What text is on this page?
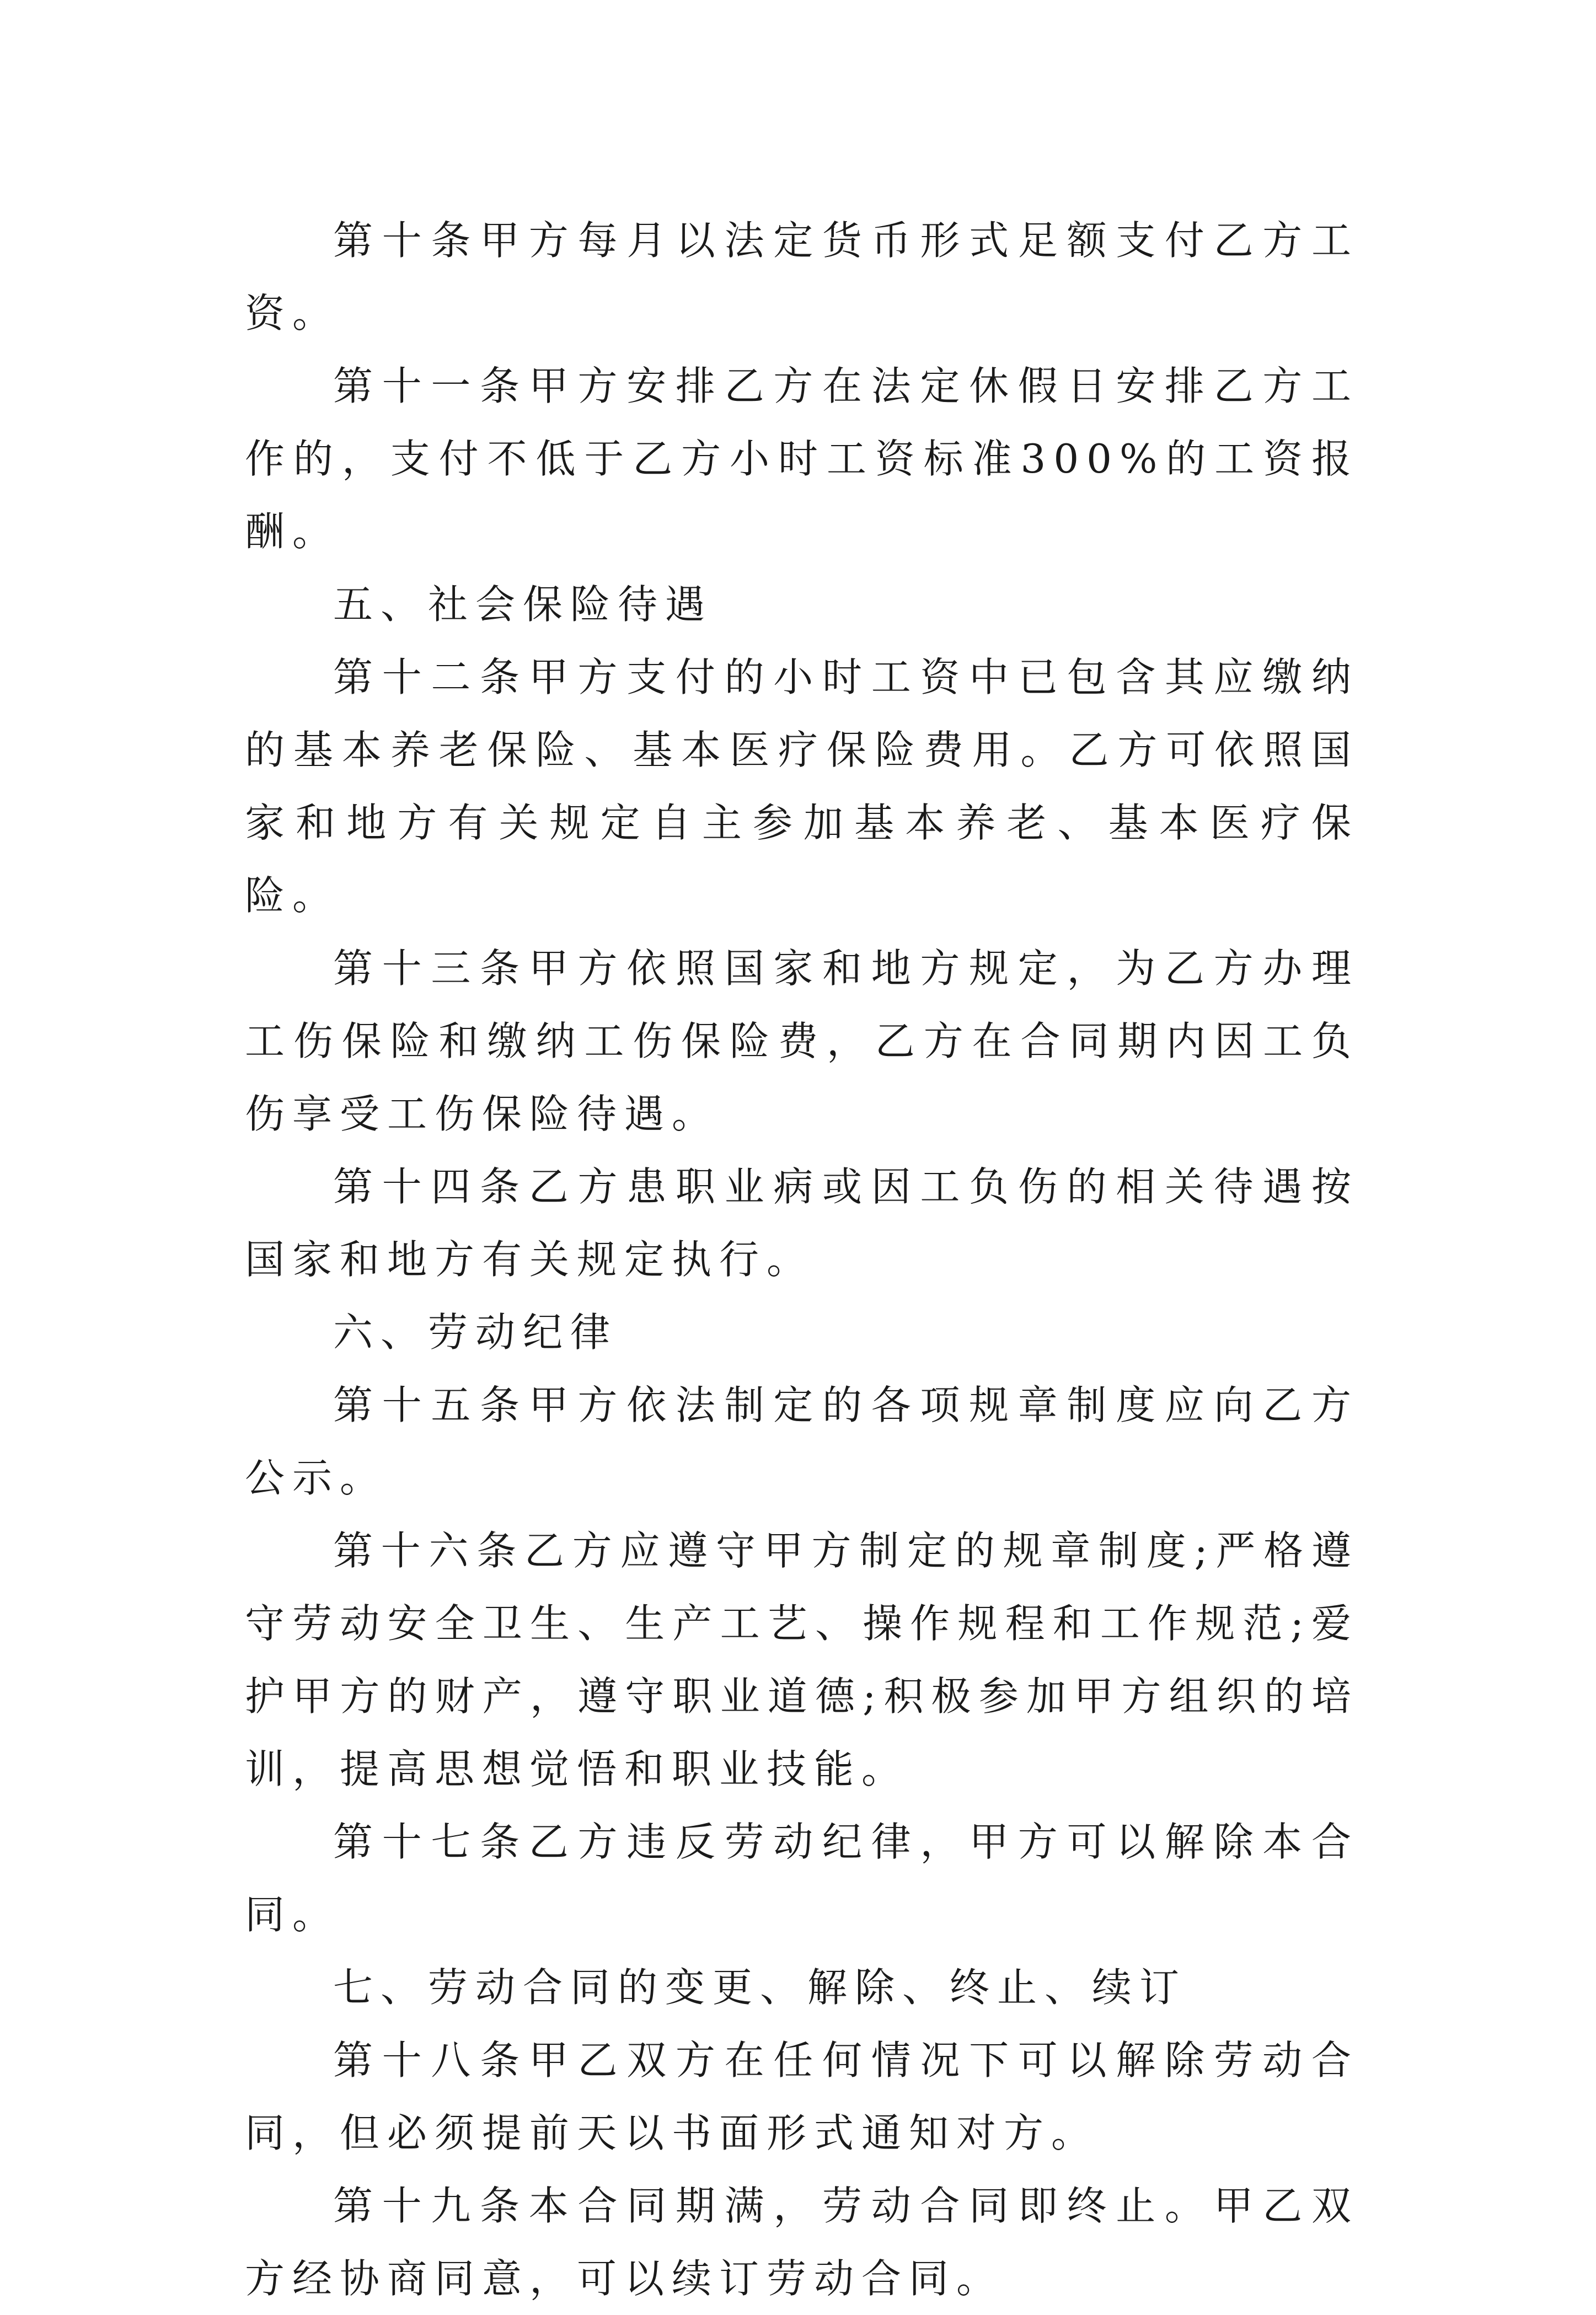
第十条甲方每月以法定货币形式足额支付乙方工资。

第十一条甲方安排乙方在法定休假日安排乙方工作的，支付不低于乙方小时工资标准300%的工资报酬。

五、社会保险待遇

第十二条甲方支付的小时工资中已包含其应缴纳的基本养老保险、基本医疗保险费用。乙方可依照国家和地方有关规定自主参加基本养老、基本医疗保险。

第十三条甲方依照国家和地方规定，为乙方办理工伤保险和缴纳工伤保险费，乙方在合同期内因工负伤享受工伤保险待遇。

第十四条乙方患职业病或因工负伤的相关待遇按国家和地方有关规定执行。

六、劳动纪律

第十五条甲方依法制定的各项规章制度应向乙方公示。

第十六条乙方应遵守甲方制定的规章制度;严格遵守劳动安全卫生、生产工艺、操作规程和工作规范;爱护甲方的财产，遵守职业道德;积极参加甲方组织的培训，提高思想觉悟和职业技能。

第十七条乙方违反劳动纪律，甲方可以解除本合同。

七、劳动合同的变更、解除、终止、续订

第十八条甲乙双方在任何情况下可以解除劳动合同，但必须提前天以书面形式通知对方。

第十九条本合同期满，劳动合同即终止。甲乙双方经协商同意，可以续订劳动合同。
